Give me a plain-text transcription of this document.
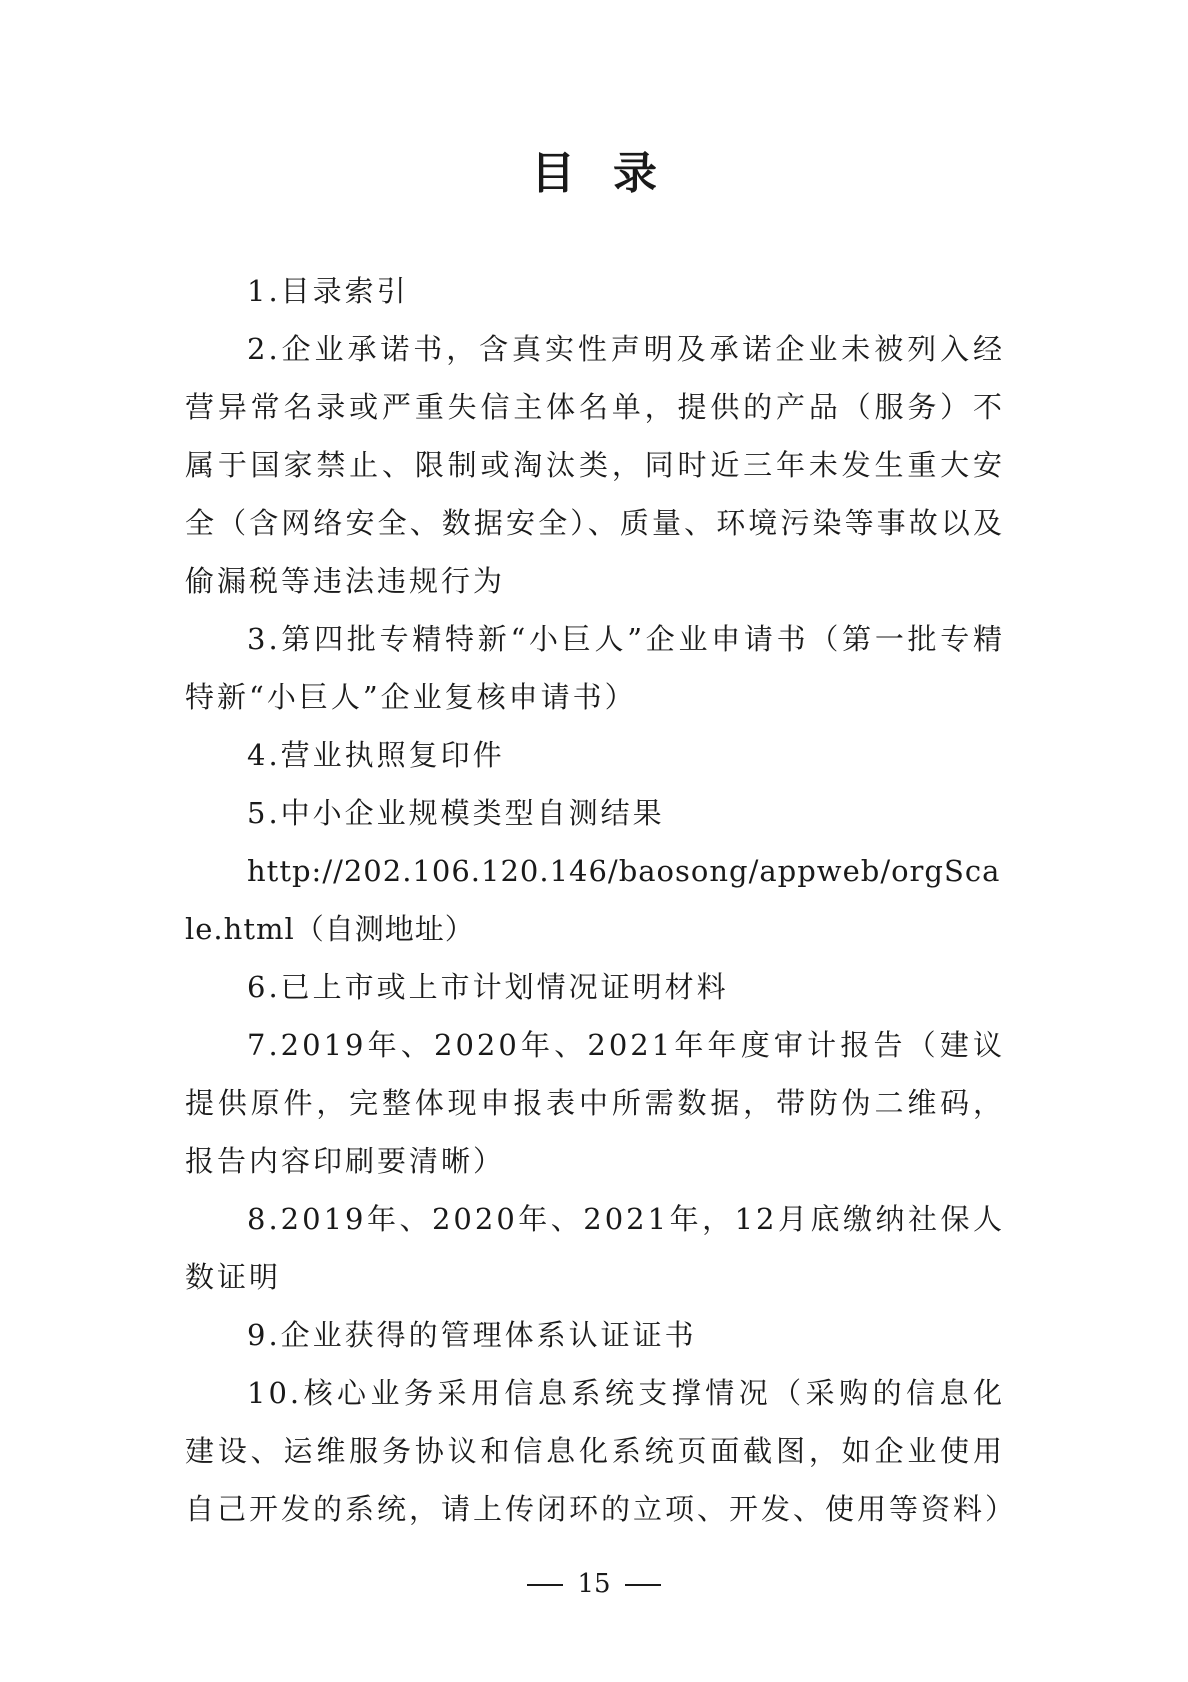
目 录

1.目录索引

2.企业承诺书，含真实性声明及承诺企业未被列入经营异常名录或严重失信主体名单，提供的产品（服务）不属于国家禁止、限制或淘汰类，同时近三年未发生重大安全（含网络安全、数据安全）、质量、环境污染等事故以及偷漏税等违法违规行为

3.第四批专精特新“小巨人”企业申请书（第一批专精特新“小巨人”企业复核申请书）

4.营业执照复印件

5.中小企业规模类型自测结果

http://202.106.120.146/baosong/appweb/orgScale.html（自测地址）

6.已上市或上市计划情况证明材料

7.2019年、2020年、2021年年度审计报告（建议提供原件，完整体现申报表中所需数据，带防伪二维码，报告内容印刷要清晰）

8.2019年、2020年、2021年，12月底缴纳社保人数证明

9.企业获得的管理体系认证证书

10.核心业务采用信息系统支撑情况（采购的信息化建设、运维服务协议和信息化系统页面截图，如企业使用自己开发的系统，请上传闭环的立项、开发、使用等资料）

15
